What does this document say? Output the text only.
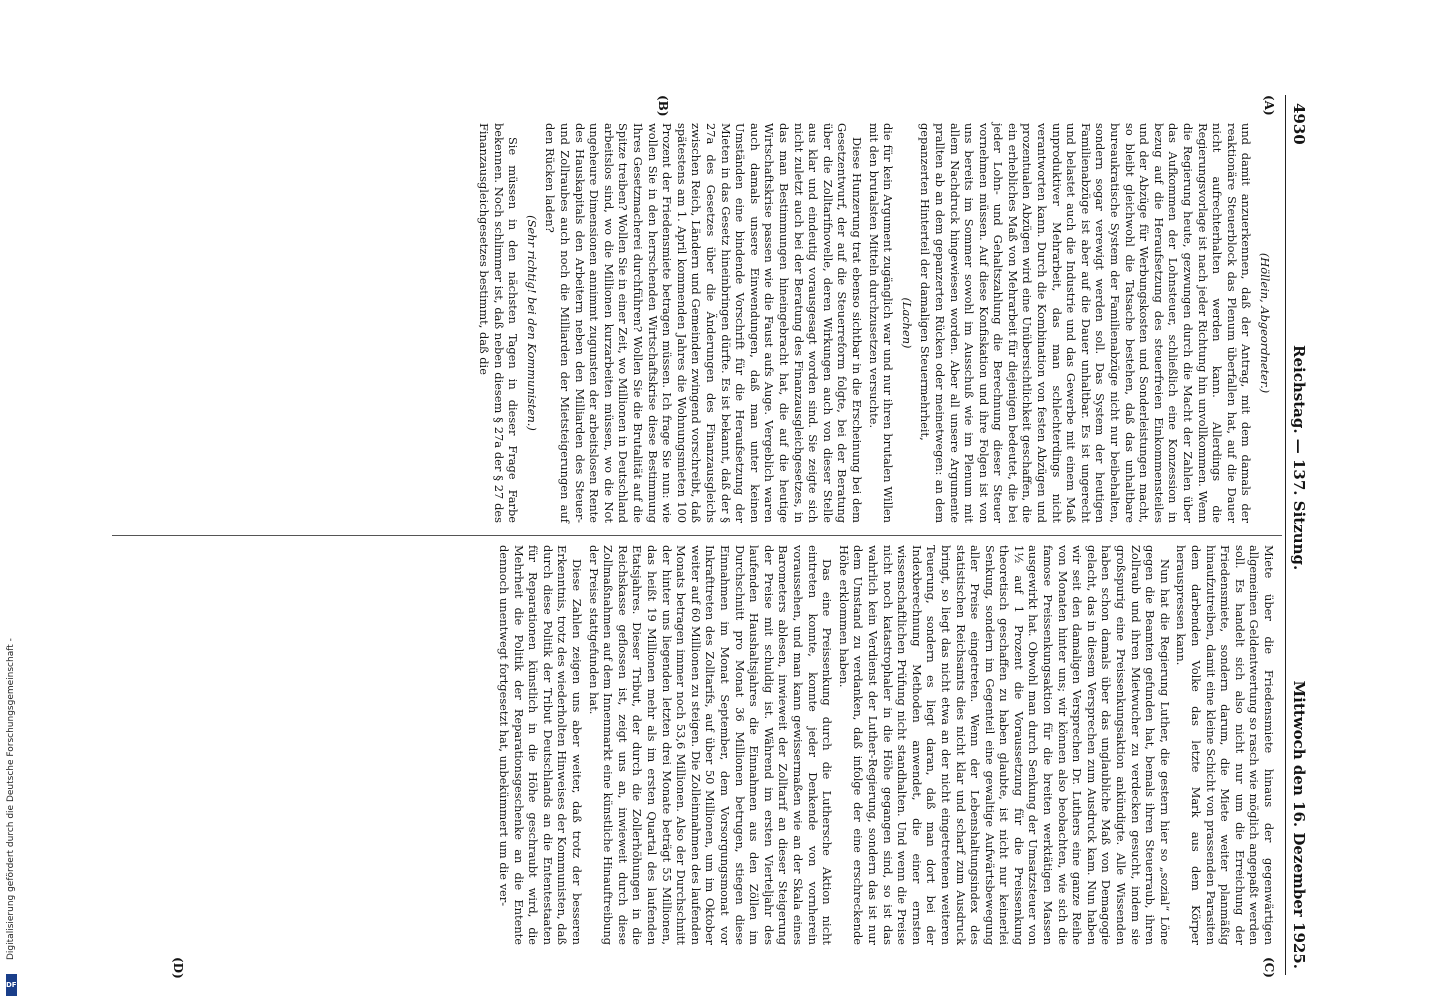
4930
Reichstag. — 137. Sitzung.
Mittwoch den 16. Dezember 1925.
(A)
(B)
(C)
(D)

(Höllein, Abgeordneter.)

und damit anzuerkennen, daß der Antrag, mit dem damals der reaktionäre Steuerblock das Plenum überfallen hat, auf die Dauer nicht aufrechterhalten werden kann. Allerdings die Regierungsvorlage ist nach jeder Richtung hin unvollkommen. Wenn die Regierung heute, gezwungen durch die Macht der Zahlen über das Aufkommen der Lohnsteuer, schließlich eine Konzession in bezug auf die Heraufsetzung des steuerfreien Einkommensteiles und der Abzüge für Werbungskosten und Sonderleistungen macht, so bleibt gleichwohl die Tatsache bestehen, daß das unhaltbare bureaukratische System der Familienabzüge nicht nur beibehalten, sondern sogar verewigt werden soll. Das System der heutigen Familienabzüge ist aber auf die Dauer unhaltbar. Es ist ungerecht und belastet auch die Industrie und das Gewerbe mit einem Maß unproduktiver Mehrarbeit, das man schlechterdings nicht verantworten kann. Durch die Kombination von festen Abzügen und prozentualen Abzügen wird eine Unübersichtlichkeit geschaffen, die ein erhebliches Maß von Mehrarbeit für diejenigen bedeutet, die bei jeder Lohn- und Gehaltszahlung die Berechnung dieser Steuer vornehmen müssen. Auf diese Konfiskation und ihre Folgen ist von uns bereits im Sommer sowohl im Ausschuß wie im Plenum mit allem Nachdruck hingewiesen worden. Aber all unsere Argumente prallten ab an dem gepanzerten Rücken oder meinetwegen: an dem gepanzerten Hinterteil der damaligen Steuermehrheit,

(Lachen)

die für kein Argument zugänglich war und nur ihren brutalen Willen mit den brutalsten Mitteln durchzusetzen versuchte.

Diese Hunzerung trat ebenso sichtbar in die Erscheinung bei dem Gesetzentwurf, der auf die Steuerreform folgte, bei der Beratung über die Zolltarifnovelle, deren Wirkungen auch von dieser Stelle aus klar und eindeutig vorausgesagt worden sind. Sie zeigte sich nicht zuletzt auch bei der Beratung des Finanzausgleichgesetzes, in das man Bestimmungen hineingebracht hat, die auf die heutige Wirtschaftskrise passen wie die Faust aufs Auge. Vergeblich waren auch damals unsere Einwendungen, daß man unter keinen Umständen eine bindende Vorschrift für die Heraufsetzung der Mieten in das Gesetz hineinbringen dürfte. Es ist bekannt, daß der § 27a des Gesetzes über die Änderungen des Finanzausgleichs zwischen Reich, Ländern und Gemeinden zwingend vorschreibt, daß spätestens am 1. April kommenden Jahres die Wohnungsmieten 100 Prozent der Friedensmiete betragen müssen. Ich frage Sie nun: wie wollen Sie in den herrschenden Wirtschaftskrise diese Bestimmung Ihres Gesetzmacherei durchführen? Wollen Sie die Brutalität auf die Spitze treiben? Wollen Sie in einer Zeit, wo Millionen in Deutschland arbeitslos sind, wo die Millionen kurzarbeiten müssen, wo die Not ungeheure Dimensionen annimmt zugunsten der arbeitslosen Rente des Hauskapitals den Arbeitern neben den Milliarden des Steuer- und Zollraubes auch noch die Milliarden der Mietsteigerungen auf den Rücken laden?

(Sehr richtig! bei den Kommunisten.)

Sie müssen in den nächsten Tagen in dieser Frage Farbe bekennen. Noch schlimmer ist, daß neben diesem § 27a der § 27 des Finanzausgleichgesetzes bestimmt, daß die

Miete über die Friedensmiete hinaus der gegenwärtigen allgemeinen Geldentwertung so rasch wie möglich angepaßt werden soll. Es handelt sich also nicht nur um die Erreichung der Friedensmiete, sondern darum, die Miete weiter planmäßig hinaufzutreiben, damit eine kleine Schicht von prassenden Parasiten dem darbenden Volke das letzte Mark aus dem Körper herauspressen kann.

Nun hat die Regierung Luther, die gestern hier so „sozial“ Löne gegen die Beamten gefunden hat, bemals ihren Steuerraub, ihren Zollraub und ihren Mietwucher zu verdecken gesucht, indem sie großspurig eine Preissenkungsaktion ankündigte. Alle Wissenden haben schon damals über das unglaubliche Maß von Demagogie gelacht, das in diesem Versprechen zum Ausdruck kam. Nun haben wir seit den damaligen Versprechen Dr. Luthers eine ganze Reihe von Monaten hinter uns; wir können also beobachten, wie sich die famose Preissenkungsaktion für die breiten werktätigen Massen ausgewirkt hat. Obwohl man durch Senkung der Umsatzsteuer von 1½ auf 1 Prozent die Voraussetzung für die Preissenkung theoretisch geschaffen zu haben glaubte, ist nicht nur keinerlei Senkung, sondern im Gegenteil eine gewaltige Aufwärtsbewegung aller Preise eingetreten. Wenn der Lebenshaltungsindex des statistischen Reichsamts dies nicht klar und scharf zum Ausdruck bringt, so liegt das nicht etwa an der nicht eingetretenen weiteren Teuerung, sondern es liegt daran, daß man dort bei der Indexberechnung Methoden anwendet, die einer ernsten wissenschaftlichen Prüfung nicht standhalten. Und wenn die Preise nicht noch katastrophaler in die Höhe gegangen sind, so ist das wahrlich kein Verdienst der Luther-Regierung, sondern das ist nur dem Umstand zu verdanken, daß infolge der eine erschreckende Höhe erklommen haben.

Das eine Preissenkung durch die Luthersche Aktion nicht eintreten konnte, konnte jeder Denkende von vornherein voraussehen, und man kann gewissermaßen wie an der Skala eines Barometers ablesen, inwieweit der Zolltarif an dieser Steigerung der Preise mit schuldig ist. Während im ersten Vierteljahr des laufenden Haushaltsjahres die Einnahmen aus den Zöllen im Durchschnitt pro Monat 36 Millionen betrugen, stiegen diese Einnahmen im Monat September, dem Vorsorgungsmonat vor Inkrafttreten des Zolltarifs, auf über 50 Millionen, um im Oktober weiter auf 60 Millionen zu steigen. Die Zolleinnahmen des laufenden Monats betragen immer noch 53,6 Millionen. Also der Durchschnitt der hinter uns liegenden letzten drei Monate beträgt 55 Millionen, das heißt 19 Millionen mehr als im ersten Quartal des laufenden Etatsjahres. Dieser Tribut, der durch die Zollerhöhungen in die Reichskasse geflossen ist, zeigt uns an, inwieweit durch diese Zollmaßnahmen auf dem Innenmarkt eine künstliche Hinauftreibung der Preise stattgefunden hat.

Diese Zahlen zeigen uns aber weiter, daß trotz der besseren Erkenntnis, trotz des wiederholten Hinweises der Kommunisten, daß durch diese Politik der Tribut Deutschlands an die Ententestaaten für Reparationen künstlich in die Höhe geschraubt wird, die Mehrheit die Politik der Reparationsgeschenke an die Entente dennoch unentwegt fortgesetzt hat, unbekümmert um die ver-

Digitalisierung gefördert durch die Deutsche Forschungsgemeinschaft -
DFG
